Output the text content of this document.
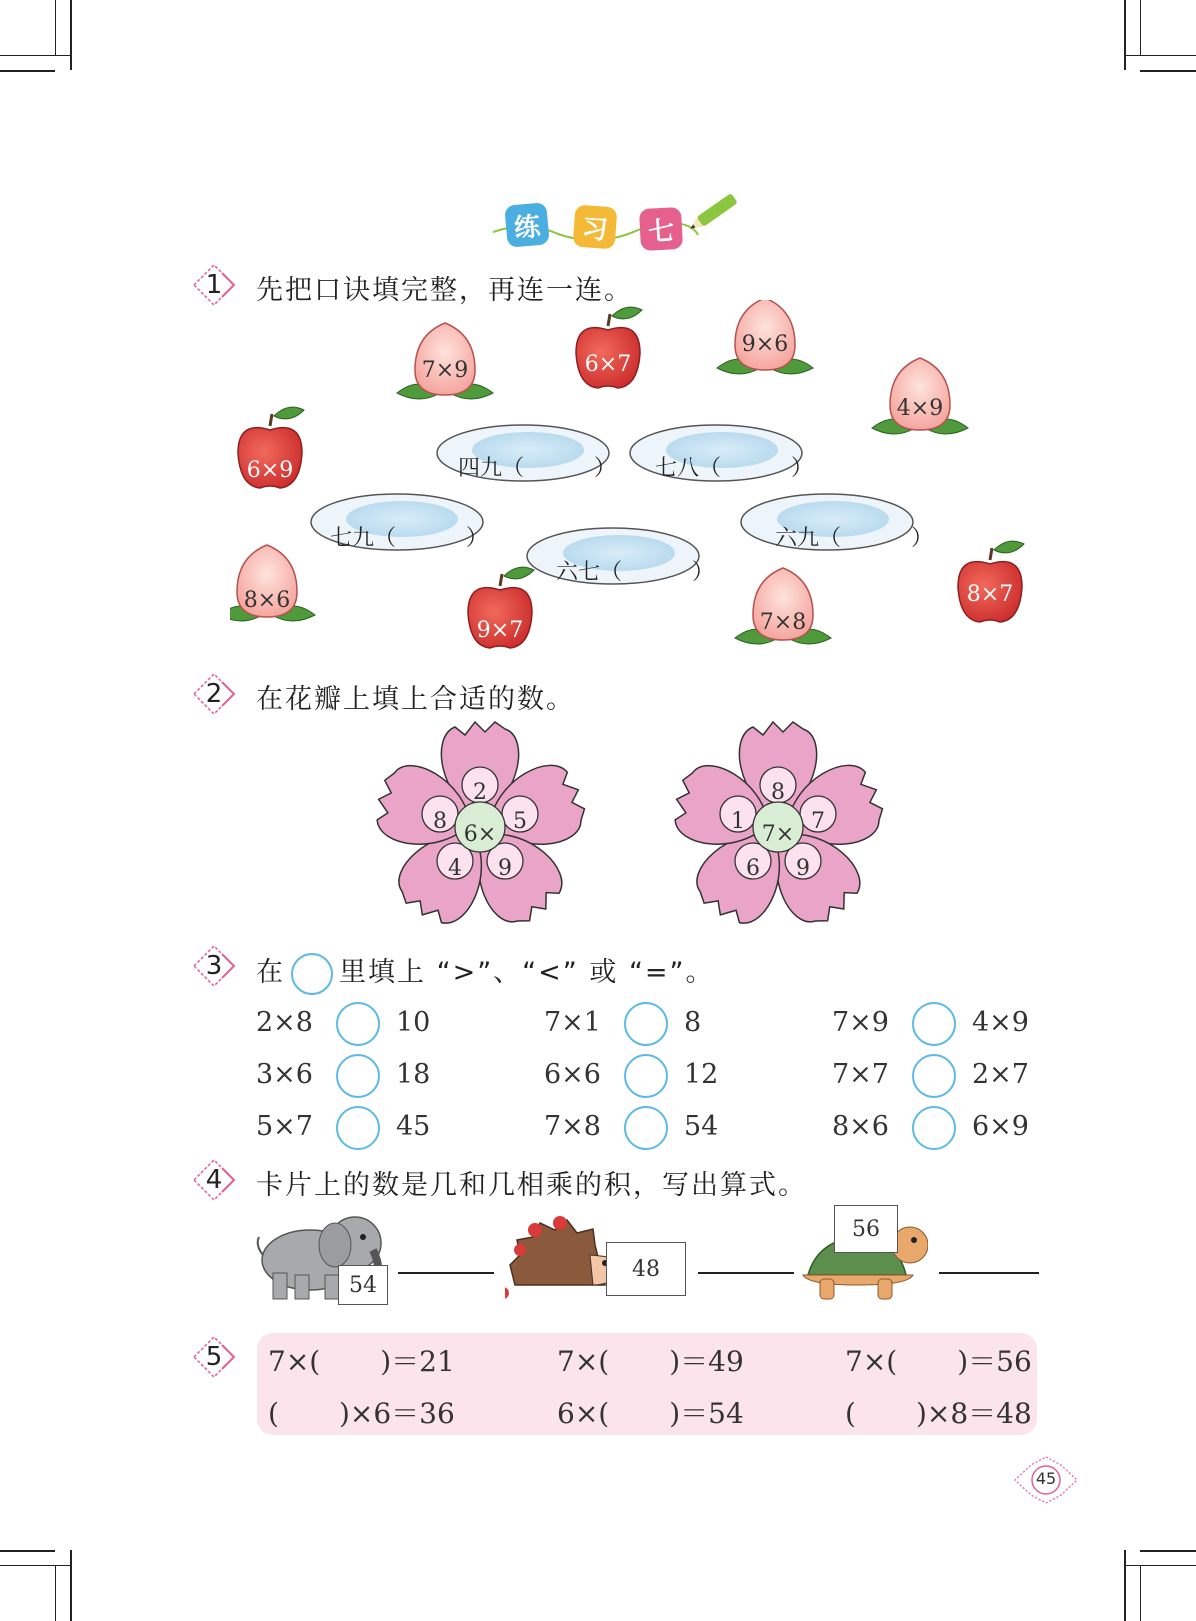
练	习	七
1	先把口诀填完整，再连一连。
7×9	6×7
9×6
4×9
6×9
8×6
9×7	7×8
8×7
四九（	） 七八（	）
七九（	）	六九（	）
六七（	）
2	在花瓣上填上合适的数。
6×
2
5
9
4
8
7×
8
7
9
6
1
3	在 里填上 “>”、“<” 或 “=”。
2×8	10	7×1	8	7×9	4×9
3×6	18	6×6	12	7×7	2×7
5×7	45	7×8	54	8×6	6×9
4	卡片上的数是几和几相乘的积，写出算式。
54
48
56
5	7×( )＝21	7×( )＝49	7×( )＝56
( )×6＝36	6×( )＝54	( )×8＝48
45
